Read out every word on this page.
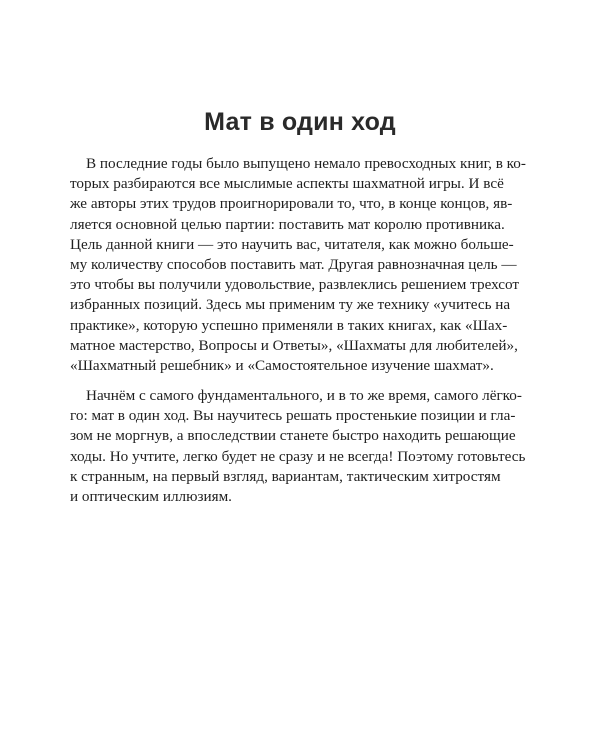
Мат в один ход
В последние годы было выпущено немало превосходных книг, в ко-
торых разбираются все мыслимые аспекты шахматной игры. И всё
же авторы этих трудов проигнорировали то, что, в конце концов, яв-
ляется основной целью партии: поставить мат королю противника.
Цель данной книги — это научить вас, читателя, как можно больше-
му количеству способов поставить мат. Другая равнозначная цель —
это чтобы вы получили удовольствие, развлеклись решением трехсот
избранных позиций. Здесь мы применим ту же технику «учитесь на
практике», которую успешно применяли в таких книгах, как «Шах-
матное мастерство, Вопросы и Ответы», «Шахматы для любителей»,
«Шахматный решебник» и «Самостоятельное изучение шахмат».
Начнём с самого фундаментального, и в то же время, самого лёгко-
го: мат в один ход. Вы научитесь решать простенькие позиции и гла-
зом не моргнув, а впоследствии станете быстро находить решающие
ходы. Но учтите, легко будет не сразу и не всегда! Поэтому готовьтесь
к странным, на первый взгляд, вариантам, тактическим хитростям
и оптическим иллюзиям.
